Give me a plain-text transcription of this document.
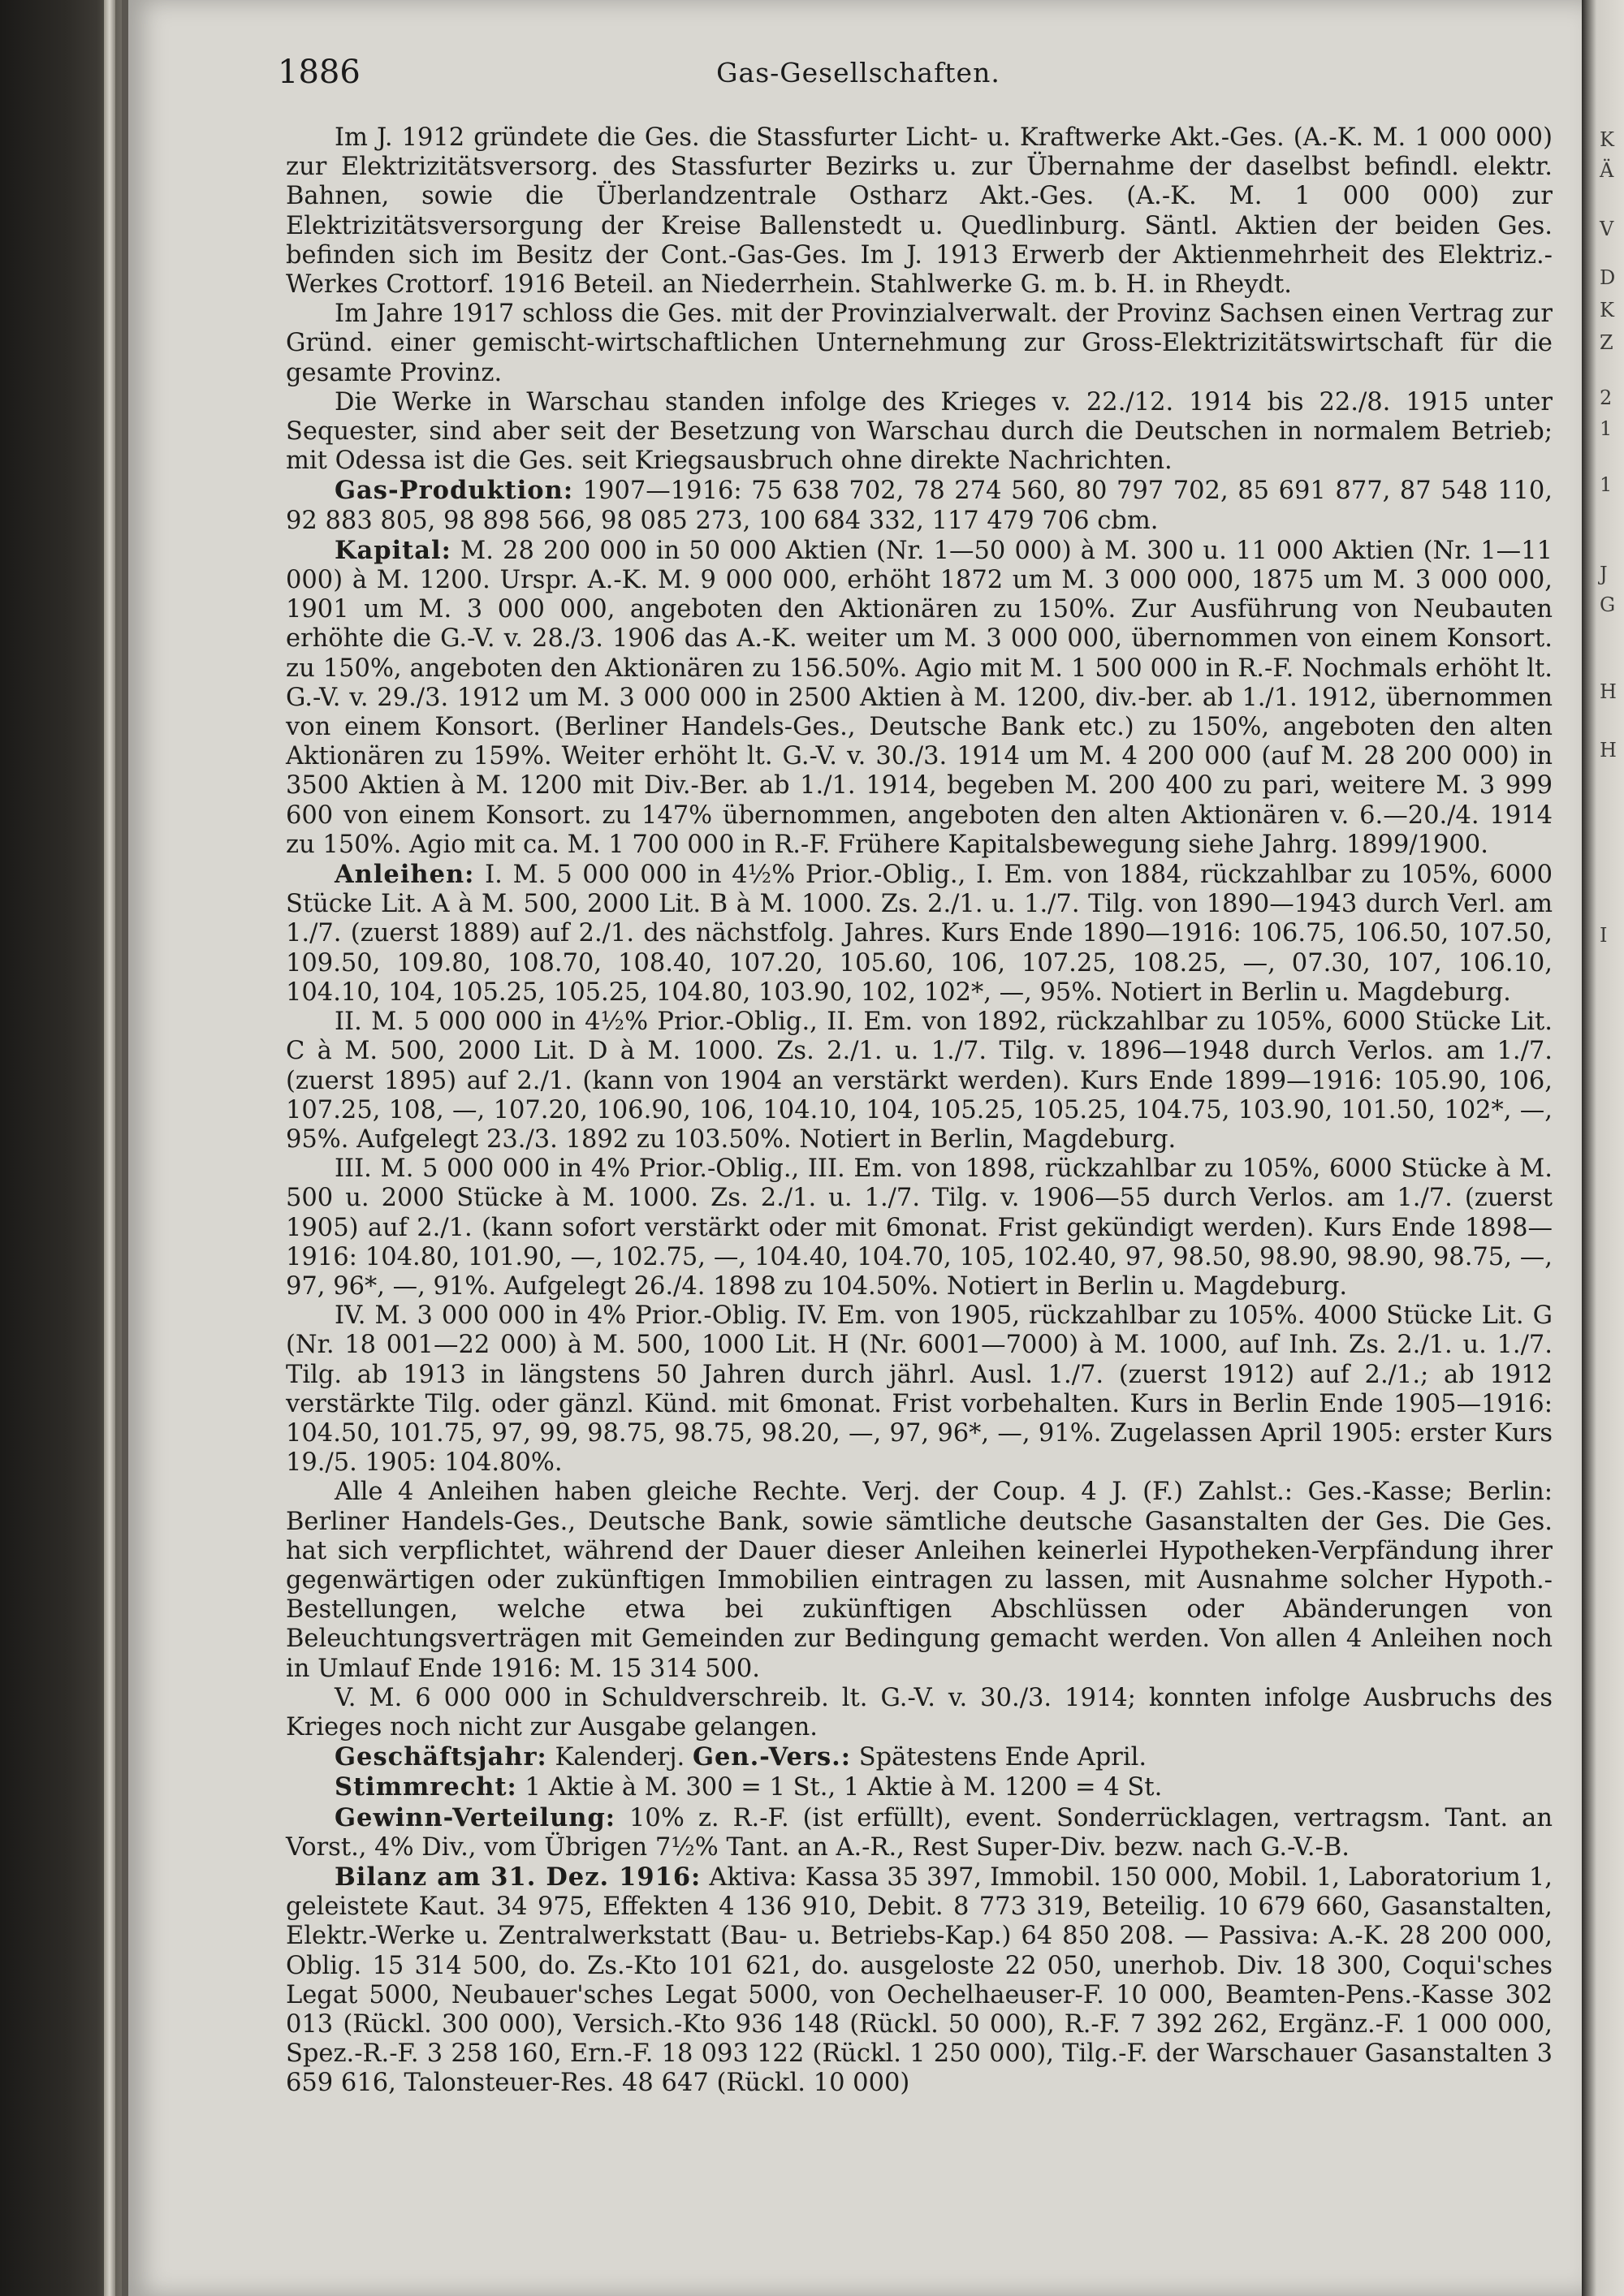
K
Ä
V
D
K
Z
2
1
1
J
G
H
H
I
1886	Gas-Gesellschaften.

Im J. 1912 gründete die Ges. die Stassfurter Licht- u. Kraftwerke Akt.-Ges. (A.-K. M. 1 000 000) zur Elektrizitätsversorg. des Stassfurter Bezirks u. zur Übernahme der daselbst befindl. elektr. Bahnen, sowie die Überlandzentrale Ostharz Akt.-Ges. (A.-K. M. 1 000 000) zur Elektrizitätsversorgung der Kreise Ballenstedt u. Quedlinburg. Säntl. Aktien der beiden Ges. befinden sich im Besitz der Cont.-Gas-Ges. Im J. 1913 Erwerb der Aktienmehrheit des Elektriz.-Werkes Crottorf. 1916 Beteil. an Niederrhein. Stahlwerke G. m. b. H. in Rheydt.

Im Jahre 1917 schloss die Ges. mit der Provinzialverwalt. der Provinz Sachsen einen Vertrag zur Gründ. einer gemischt-wirtschaftlichen Unternehmung zur Gross-Elektrizitätswirtschaft für die gesamte Provinz.

Die Werke in Warschau standen infolge des Krieges v. 22./12. 1914 bis 22./8. 1915 unter Sequester, sind aber seit der Besetzung von Warschau durch die Deutschen in normalem Betrieb; mit Odessa ist die Ges. seit Kriegsausbruch ohne direkte Nachrichten.

Gas-Produktion: 1907—1916: 75 638 702, 78 274 560, 80 797 702, 85 691 877, 87 548 110, 92 883 805, 98 898 566, 98 085 273, 100 684 332, 117 479 706 cbm.

Kapital: M. 28 200 000 in 50 000 Aktien (Nr. 1—50 000) à M. 300 u. 11 000 Aktien (Nr. 1—11 000) à M. 1200. Urspr. A.-K. M. 9 000 000, erhöht 1872 um M. 3 000 000, 1875 um M. 3 000 000, 1901 um M. 3 000 000, angeboten den Aktionären zu 150%. Zur Ausführung von Neubauten erhöhte die G.-V. v. 28./3. 1906 das A.-K. weiter um M. 3 000 000, übernommen von einem Konsort. zu 150%, angeboten den Aktionären zu 156.50%. Agio mit M. 1 500 000 in R.-F. Nochmals erhöht lt. G.-V. v. 29./3. 1912 um M. 3 000 000 in 2500 Aktien à M. 1200, div.-ber. ab 1./1. 1912, übernommen von einem Konsort. (Berliner Handels-Ges., Deutsche Bank etc.) zu 150%, angeboten den alten Aktionären zu 159%. Weiter erhöht lt. G.-V. v. 30./3. 1914 um M. 4 200 000 (auf M. 28 200 000) in 3500 Aktien à M. 1200 mit Div.-Ber. ab 1./1. 1914, begeben M. 200 400 zu pari, weitere M. 3 999 600 von einem Konsort. zu 147% übernommen, angeboten den alten Aktionären v. 6.—20./4. 1914 zu 150%. Agio mit ca. M. 1 700 000 in R.-F. Frühere Kapitalsbewegung siehe Jahrg. 1899/1900.

Anleihen: I. M. 5 000 000 in 4½% Prior.-Oblig., I. Em. von 1884, rückzahlbar zu 105%, 6000 Stücke Lit. A à M. 500, 2000 Lit. B à M. 1000. Zs. 2./1. u. 1./7. Tilg. von 1890—1943 durch Verl. am 1./7. (zuerst 1889) auf 2./1. des nächstfolg. Jahres. Kurs Ende 1890—1916: 106.75, 106.50, 107.50, 109.50, 109.80, 108.70, 108.40, 107.20, 105.60, 106, 107.25, 108.25, —, 07.30, 107, 106.10, 104.10, 104, 105.25, 105.25, 104.80, 103.90, 102, 102*, —, 95%. Notiert in Berlin u. Magdeburg.

II. M. 5 000 000 in 4½% Prior.-Oblig., II. Em. von 1892, rückzahlbar zu 105%, 6000 Stücke Lit. C à M. 500, 2000 Lit. D à M. 1000. Zs. 2./1. u. 1./7. Tilg. v. 1896—1948 durch Verlos. am 1./7. (zuerst 1895) auf 2./1. (kann von 1904 an verstärkt werden). Kurs Ende 1899—1916: 105.90, 106, 107.25, 108, —, 107.20, 106.90, 106, 104.10, 104, 105.25, 105.25, 104.75, 103.90, 101.50, 102*, —, 95%. Aufgelegt 23./3. 1892 zu 103.50%. Notiert in Berlin, Magdeburg.

III. M. 5 000 000 in 4% Prior.-Oblig., III. Em. von 1898, rückzahlbar zu 105%, 6000 Stücke à M. 500 u. 2000 Stücke à M. 1000. Zs. 2./1. u. 1./7. Tilg. v. 1906—55 durch Verlos. am 1./7. (zuerst 1905) auf 2./1. (kann sofort verstärkt oder mit 6monat. Frist gekündigt werden). Kurs Ende 1898—1916: 104.80, 101.90, —, 102.75, —, 104.40, 104.70, 105, 102.40, 97, 98.50, 98.90, 98.90, 98.75, —, 97, 96*, —, 91%. Aufgelegt 26./4. 1898 zu 104.50%. Notiert in Berlin u. Magdeburg.

IV. M. 3 000 000 in 4% Prior.-Oblig. IV. Em. von 1905, rückzahlbar zu 105%. 4000 Stücke Lit. G (Nr. 18 001—22 000) à M. 500, 1000 Lit. H (Nr. 6001—7000) à M. 1000, auf Inh. Zs. 2./1. u. 1./7. Tilg. ab 1913 in längstens 50 Jahren durch jährl. Ausl. 1./7. (zuerst 1912) auf 2./1.; ab 1912 verstärkte Tilg. oder gänzl. Künd. mit 6monat. Frist vorbehalten. Kurs in Berlin Ende 1905—1916: 104.50, 101.75, 97, 99, 98.75, 98.75, 98.20, —, 97, 96*, —, 91%. Zugelassen April 1905: erster Kurs 19./5. 1905: 104.80%.

Alle 4 Anleihen haben gleiche Rechte. Verj. der Coup. 4 J. (F.) Zahlst.: Ges.-Kasse; Berlin: Berliner Handels-Ges., Deutsche Bank, sowie sämtliche deutsche Gasanstalten der Ges. Die Ges. hat sich verpflichtet, während der Dauer dieser Anleihen keinerlei Hypotheken-Verpfändung ihrer gegenwärtigen oder zukünftigen Immobilien eintragen zu lassen, mit Ausnahme solcher Hypoth.-Bestellungen, welche etwa bei zukünftigen Abschlüssen oder Abänderungen von Beleuchtungsverträgen mit Gemeinden zur Bedingung gemacht werden. Von allen 4 Anleihen noch in Umlauf Ende 1916: M. 15 314 500.

V. M. 6 000 000 in Schuldverschreib. lt. G.-V. v. 30./3. 1914; konnten infolge Ausbruchs des Krieges noch nicht zur Ausgabe gelangen.

Geschäftsjahr: Kalenderj. Gen.-Vers.: Spätestens Ende April.

Stimmrecht: 1 Aktie à M. 300 = 1 St., 1 Aktie à M. 1200 = 4 St.

Gewinn-Verteilung: 10% z. R.-F. (ist erfüllt), event. Sonderrücklagen, vertragsm. Tant. an Vorst., 4% Div., vom Übrigen 7½% Tant. an A.-R., Rest Super-Div. bezw. nach G.-V.-B.

Bilanz am 31. Dez. 1916: Aktiva: Kassa 35 397, Immobil. 150 000, Mobil. 1, Laboratorium 1, geleistete Kaut. 34 975, Effekten 4 136 910, Debit. 8 773 319, Beteilig. 10 679 660, Gasanstalten, Elektr.-Werke u. Zentralwerkstatt (Bau- u. Betriebs-Kap.) 64 850 208. — Passiva: A.-K. 28 200 000, Oblig. 15 314 500, do. Zs.-Kto 101 621, do. ausgeloste 22 050, unerhob. Div. 18 300, Coqui'sches Legat 5000, Neubauer'sches Legat 5000, von Oechelhaeuser-F. 10 000, Beamten-Pens.-Kasse 302 013 (Rückl. 300 000), Versich.-Kto 936 148 (Rückl. 50 000), R.-F. 7 392 262, Ergänz.-F. 1 000 000, Spez.-R.-F. 3 258 160, Ern.-F. 18 093 122 (Rückl. 1 250 000), Tilg.-F. der Warschauer Gasanstalten 3 659 616, Talonsteuer-Res. 48 647 (Rückl. 10 000)
